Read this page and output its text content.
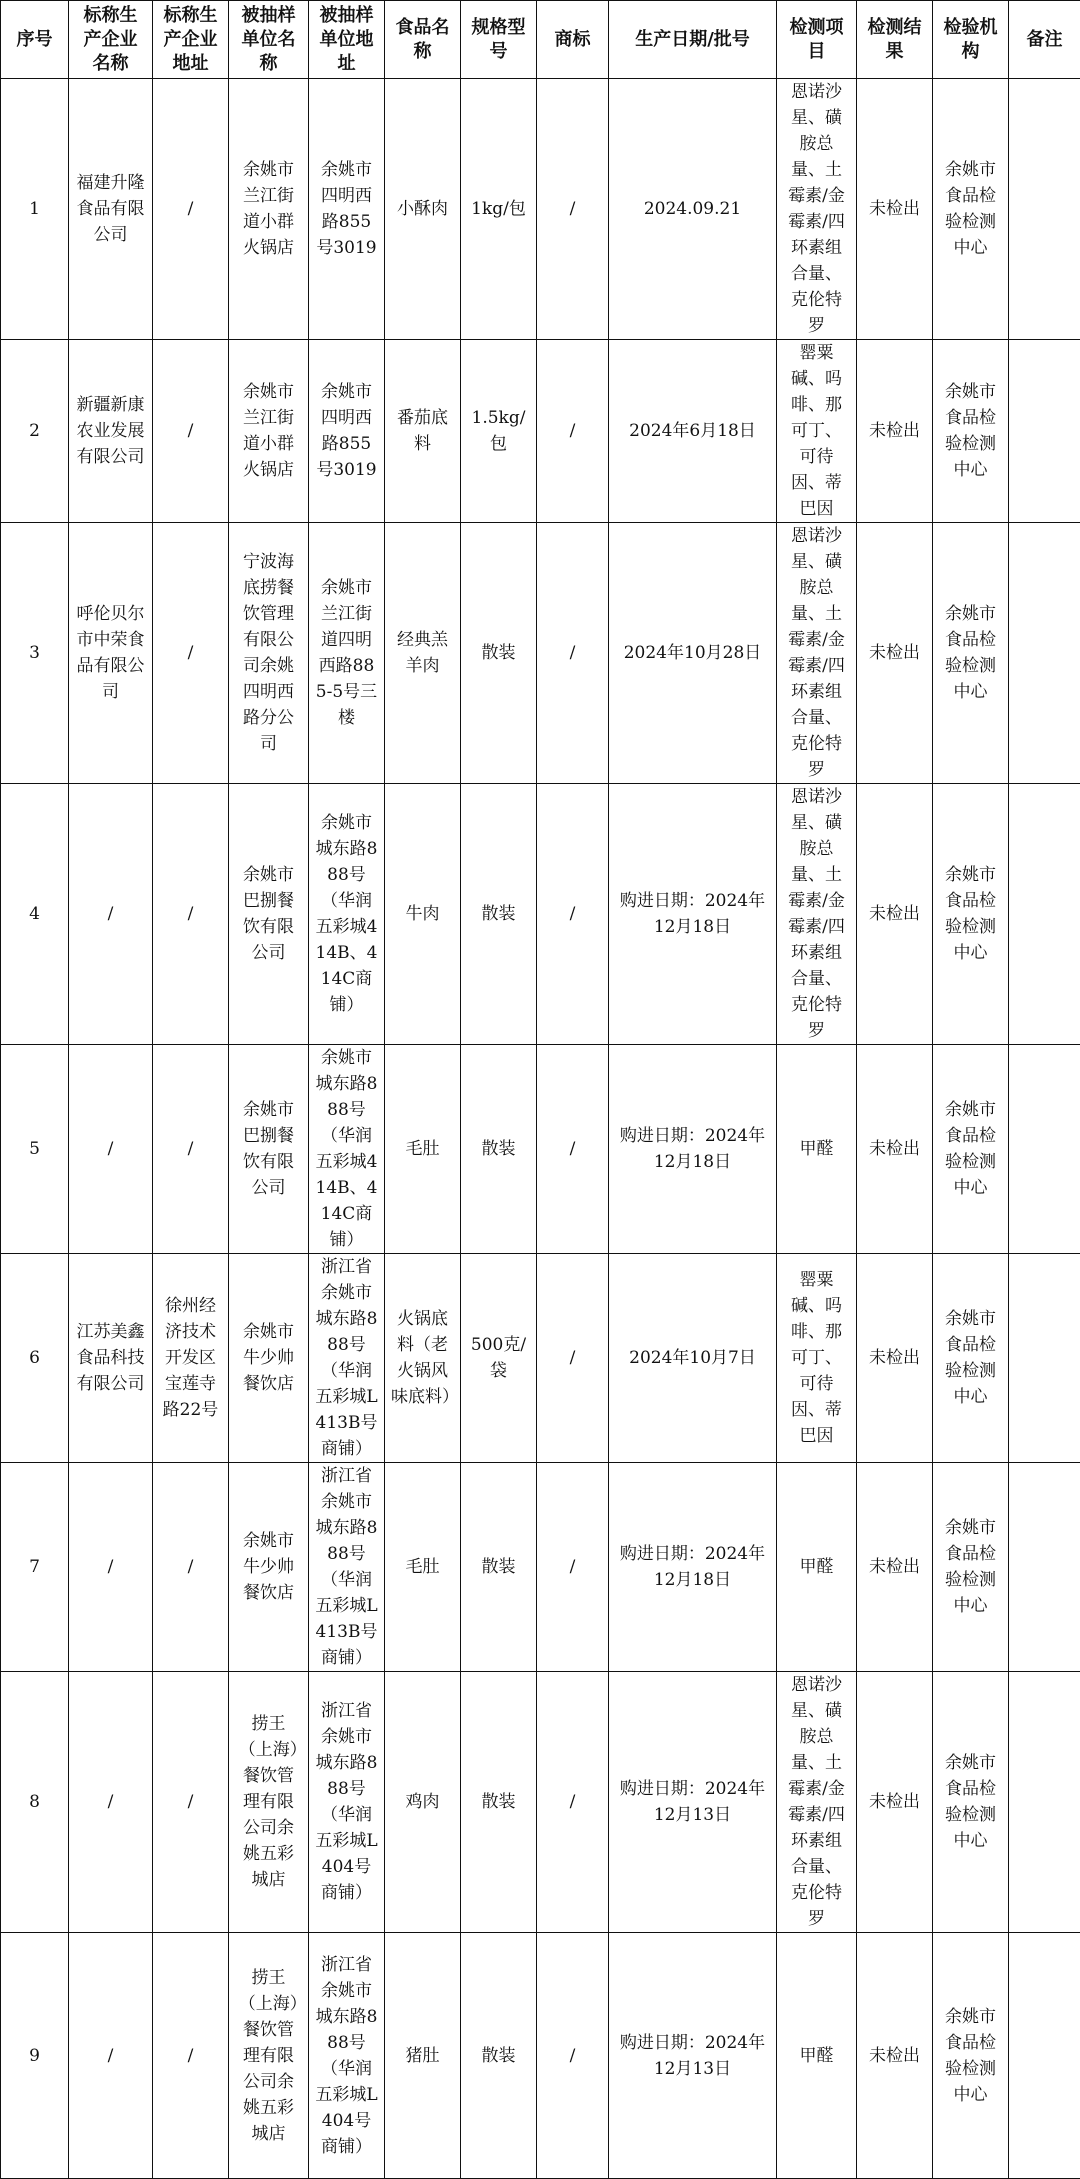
序号	标称生产企业名称	标称生产企业地址	被抽样单位名称	被抽样单位地址	食品名称	规格型号	商标	生产日期/批号	检测项目	检测结果	检验机构	备注
1	福建升隆食品有限公司	/	余姚市兰江街道小群火锅店	余姚市四明西路855号3019	小酥肉	1kg/包	/	2024.09.21	恩诺沙星、磺胺总量、土霉素/金霉素/四环素组合量、克伦特罗	未检出	余姚市食品检验检测中心	
2	新疆新康农业发展有限公司	/	余姚市兰江街道小群火锅店	余姚市四明西路855号3019	番茄底料	1.5kg/包	/	2024年6月18日	罂粟碱、吗啡、那可丁、可待因、蒂巴因	未检出	余姚市食品检验检测中心	
3	呼伦贝尔市中荣食品有限公司	/	宁波海底捞餐饮管理有限公司余姚四明西路分公司	余姚市兰江街道四明西路885-5号三楼	经典羔羊肉	散装	/	2024年10月28日	恩诺沙星、磺胺总量、土霉素/金霉素/四环素组合量、克伦特罗	未检出	余姚市食品检验检测中心	
4	/	/	余姚市巴捌餐饮有限公司	余姚市城东路888号（华润五彩城414B、414C商铺）	牛肉	散装	/	购进日期：2024年12月18日	恩诺沙星、磺胺总量、土霉素/金霉素/四环素组合量、克伦特罗	未检出	余姚市食品检验检测中心	
5	/	/	余姚市巴捌餐饮有限公司	余姚市城东路888号（华润五彩城414B、414C商铺）	毛肚	散装	/	购进日期：2024年12月18日	甲醛	未检出	余姚市食品检验检测中心	
6	江苏美鑫食品科技有限公司	徐州经济技术开发区宝莲寺路22号	余姚市牛少帅餐饮店	浙江省余姚市城东路888号（华润五彩城L413B号商铺）	火锅底料（老火锅风味底料）	500克/袋	/	2024年10月7日	罂粟碱、吗啡、那可丁、可待因、蒂巴因	未检出	余姚市食品检验检测中心	
7	/	/	余姚市牛少帅餐饮店	浙江省余姚市城东路888号（华润五彩城L413B号商铺）	毛肚	散装	/	购进日期：2024年12月18日	甲醛	未检出	余姚市食品检验检测中心	
8	/	/	捞王（上海）餐饮管理有限公司余姚五彩城店	浙江省余姚市城东路888号（华润五彩城L404号商铺）	鸡肉	散装	/	购进日期：2024年12月13日	恩诺沙星、磺胺总量、土霉素/金霉素/四环素组合量、克伦特罗	未检出	余姚市食品检验检测中心	
9	/	/	捞王（上海）餐饮管理有限公司余姚五彩城店	浙江省余姚市城东路888号（华润五彩城L404号商铺）	猪肚	散装	/	购进日期：2024年12月13日	甲醛	未检出	余姚市食品检验检测中心	
